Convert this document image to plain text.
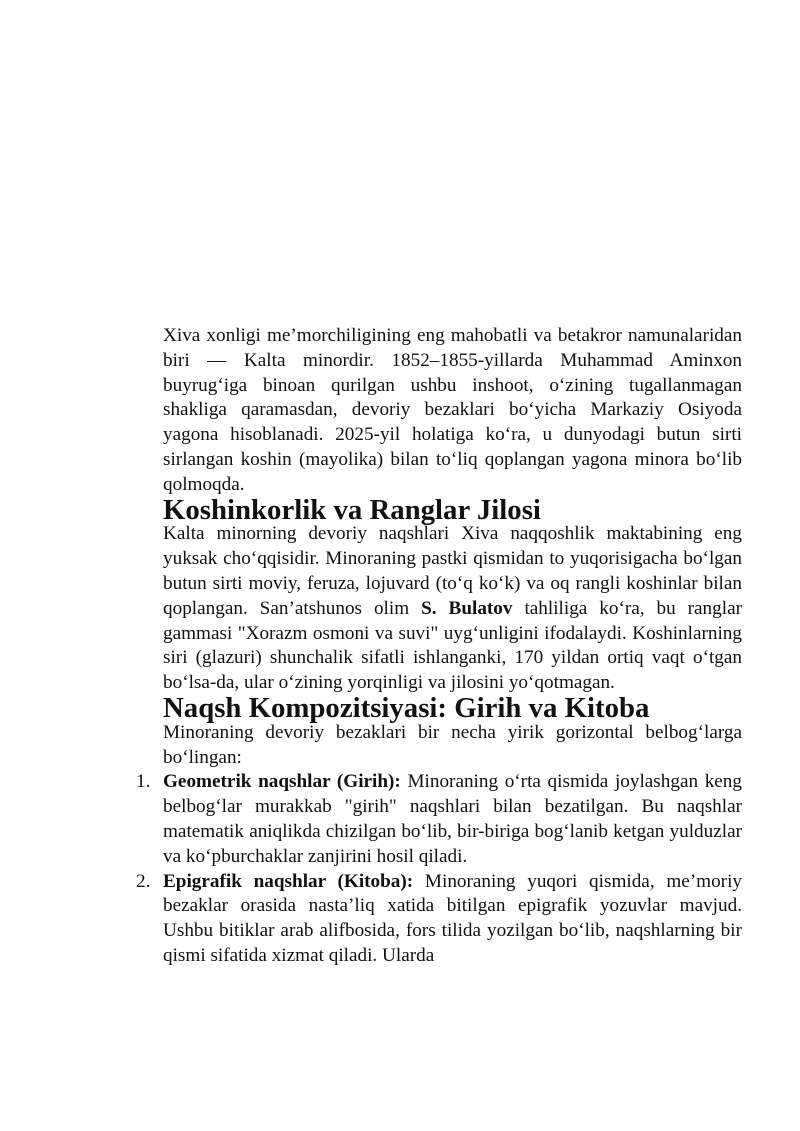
Xiva xonligi me’morchiligining eng mahobatli va betakror namunalaridan biri — Kalta minordir. 1852–1855-yillarda Muhammad Aminxon buyrug‘iga binoan qurilgan ushbu inshoot, o‘zining tugallanmagan shakliga qaramasdan, devoriy bezaklari bo‘yicha Markaziy Osiyoda yagona hisoblanadi. 2025-yil holatiga ko‘ra, u dunyodagi butun sirti sirlangan koshin (mayolika) bilan to‘liq qoplangan yagona minora bo‘lib qolmoqda.

Koshinkorlik va Ranglar Jilosi

Kalta minorning devoriy naqshlari Xiva naqqoshlik maktabining eng yuksak cho‘qqisidir. Minoraning pastki qismidan to yuqorisigacha bo‘lgan butun sirti moviy, feruza, lojuvard (to‘q ko‘k) va oq rangli koshinlar bilan qoplangan. San’atshunos olim S. Bulatov tahliliga ko‘ra, bu ranglar gammasi "Xorazm osmoni va suvi" uyg‘unligini ifodalaydi. Koshinlarning siri (glazuri) shunchalik sifatli ishlanganki, 170 yildan ortiq vaqt o‘tgan bo‘lsa-da, ular o‘zining yorqinligi va jilosini yo‘qotmagan.

Naqsh Kompozitsiyasi: Girih va Kitoba

Minoraning devoriy bezaklari bir necha yirik gorizontal belbog‘larga bo‘lingan:

1. Geometrik naqshlar (Girih): Minoraning o‘rta qismida joylashgan keng belbog‘lar murakkab "girih" naqshlari bilan bezatilgan. Bu naqshlar matematik aniqlikda chizilgan bo‘lib, bir-biriga bog‘lanib ketgan yulduzlar va ko‘pburchaklar zanjirini hosil qiladi.
2. Epigrafik naqshlar (Kitoba): Minoraning yuqori qismida, me’moriy bezaklar orasida nasta’liq xatida bitilgan epigrafik yozuvlar mavjud. Ushbu bitiklar arab alifbosida, fors tilida yozilgan bo‘lib, naqshlarning bir qismi sifatida xizmat qiladi. Ularda
